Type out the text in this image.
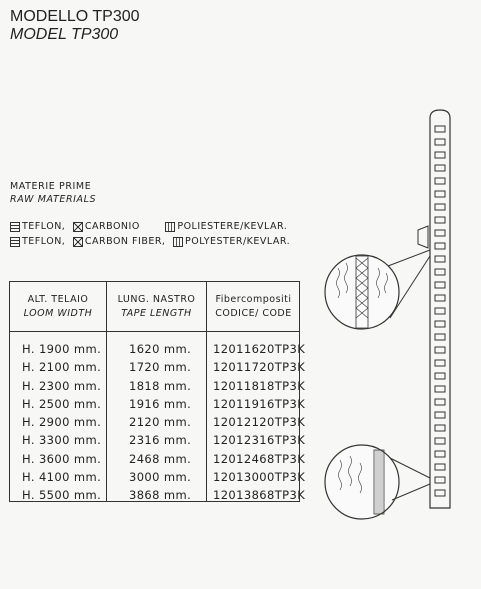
MODELLO TP300
MODEL TP300
MATERIE PRIME
RAW MATERIALS
TEFLON,
CARBONIO
	POLIESTERE/KEVLAR.
TEFLON,
CARBON FIBER,
POLYESTER/KEVLAR.
ALT. TELAIO
LOOM WIDTH
LUNG. NASTRO
TAPE LENGTH
Fibercompositi
CODICE/ CODE
H. 1900 mm.
H. 2100 mm.
H. 2300 mm.
H. 2500 mm.
H. 2900 mm.
H. 3300 mm.
H. 3600 mm.
H. 4100 mm.
H. 5500 mm.
1620 mm.
1720 mm.
1818 mm.
1916 mm.
2120 mm.
2316 mm.
2468 mm.
3000 mm.
3868 mm.
12011620TP3K
12011720TP3K
12011818TP3K
12011916TP3K
12012120TP3K
12012316TP3K
12012468TP3K
12013000TP3K
12013868TP3K
